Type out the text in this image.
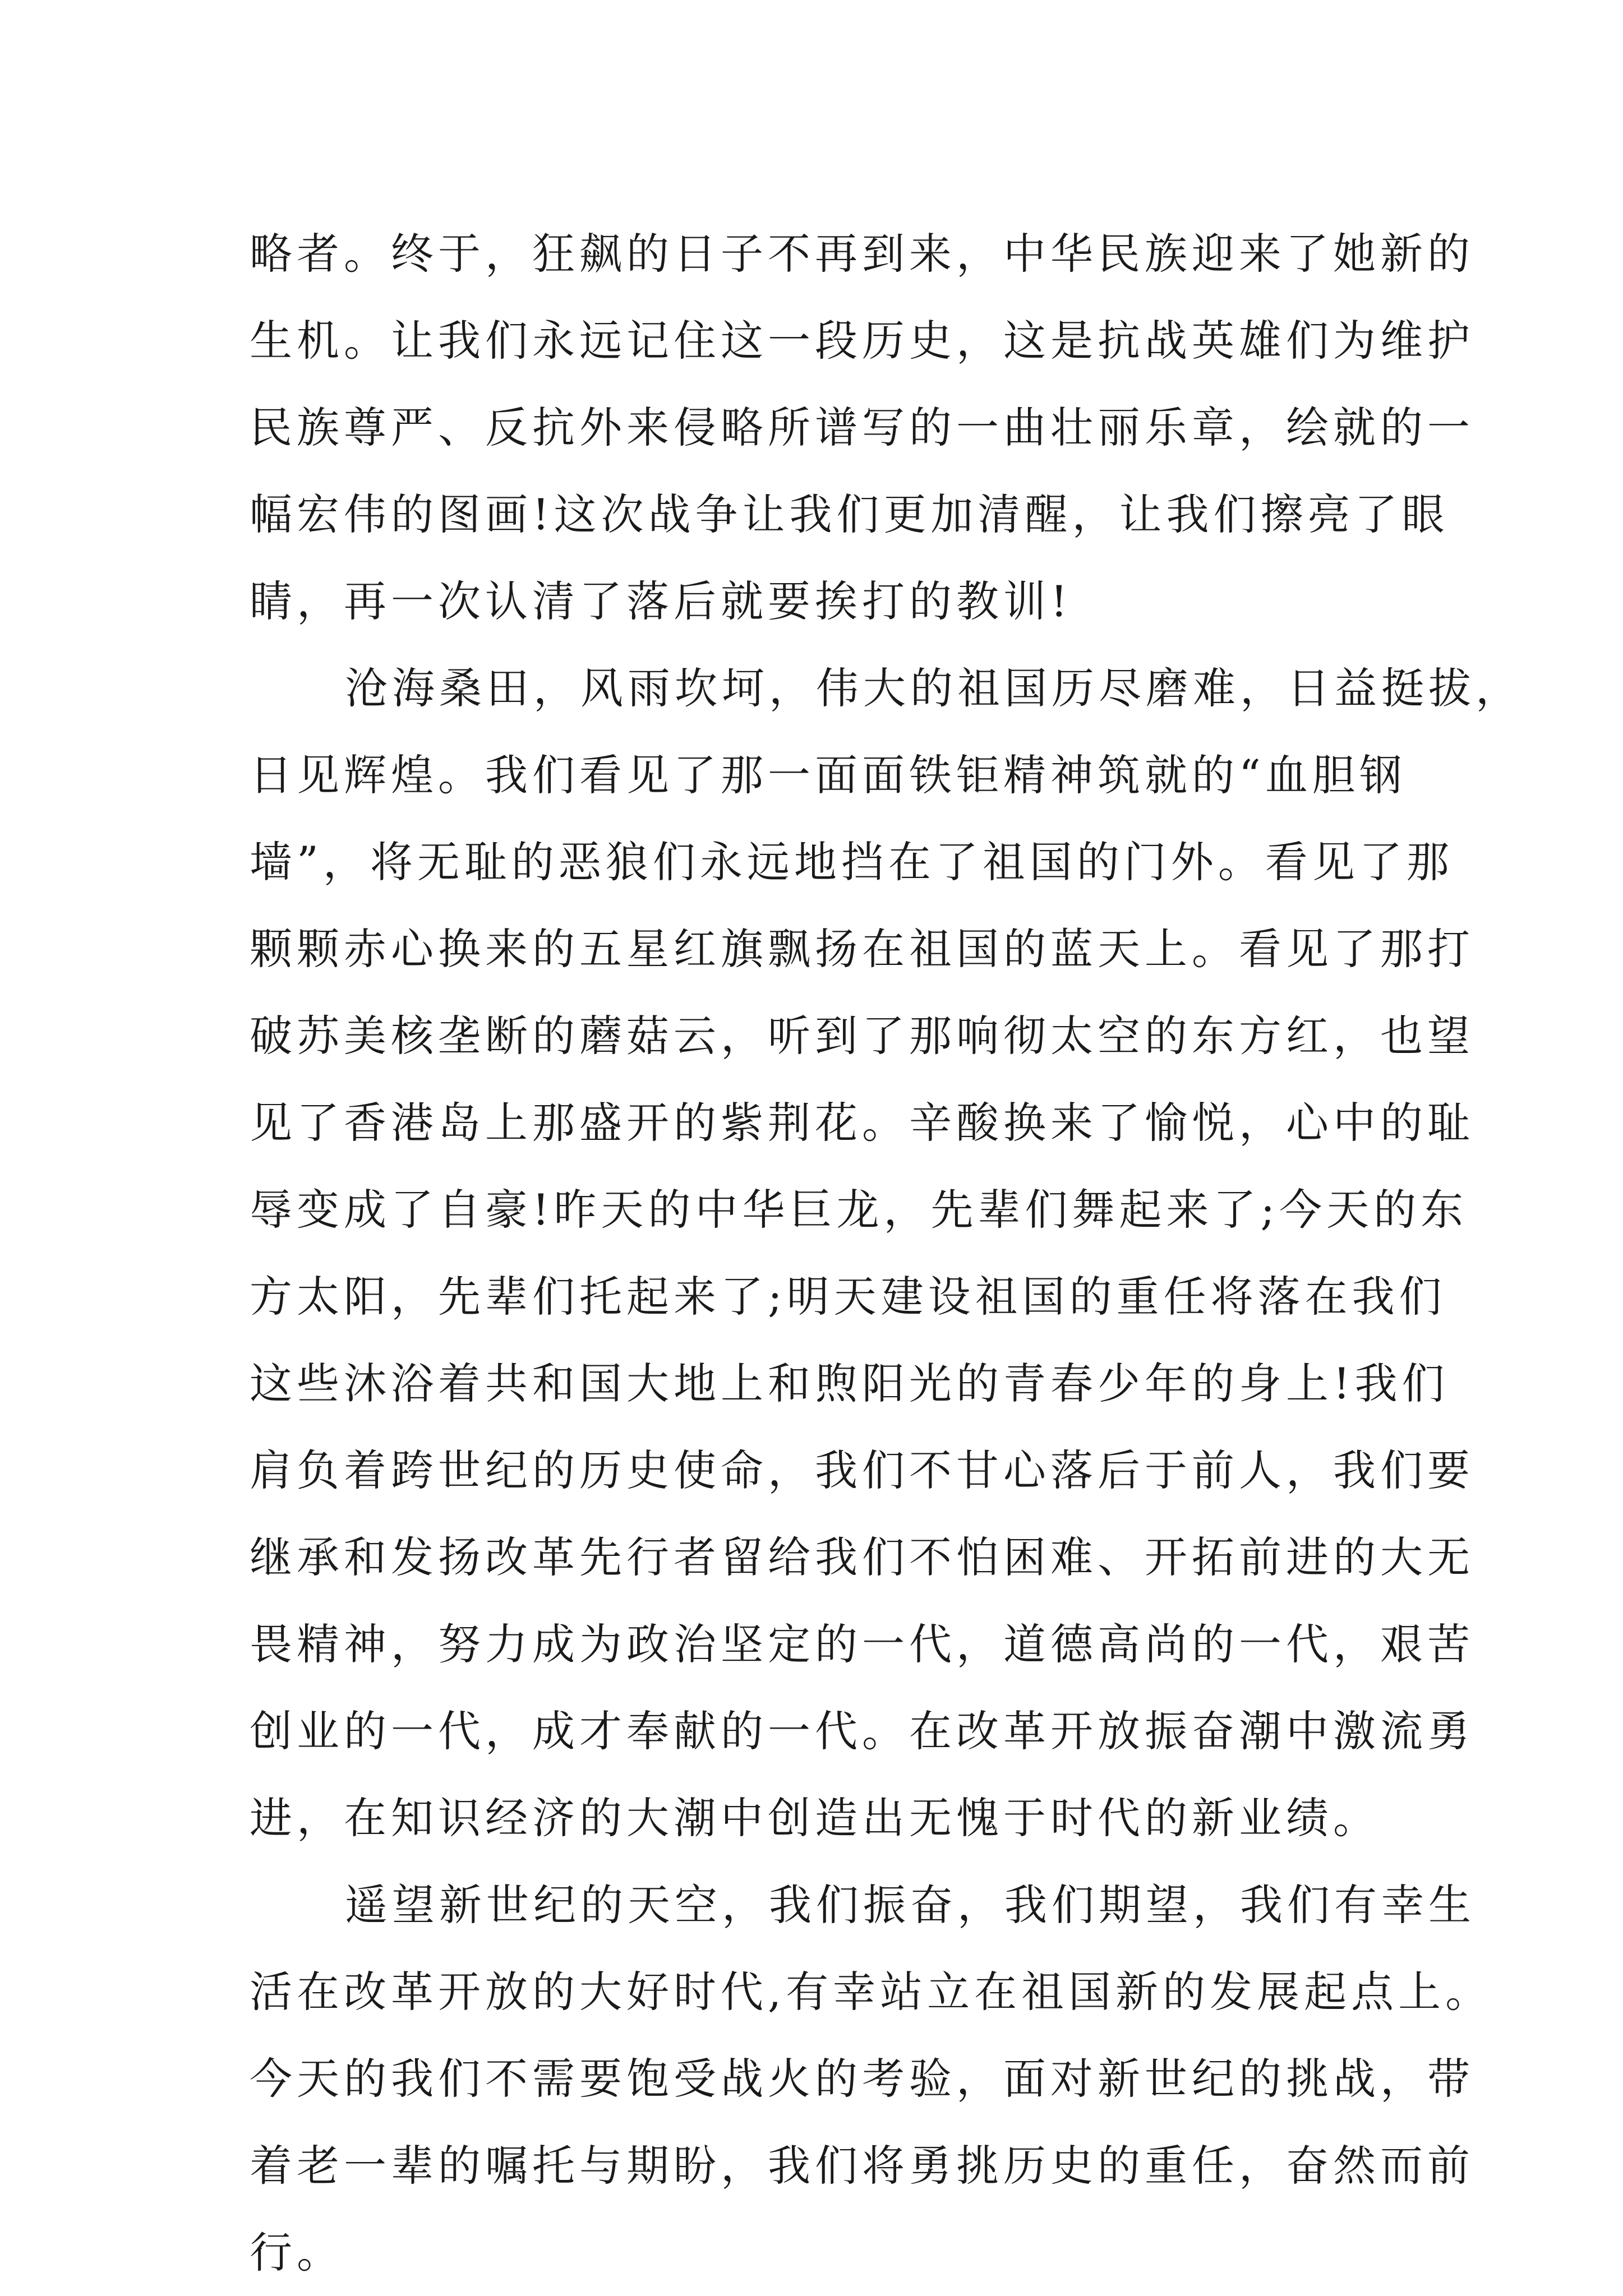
略者。终于，狂飙的日子不再到来，中华民族迎来了她新的
生机。让我们永远记住这一段历史，这是抗战英雄们为维护
民族尊严、反抗外来侵略所谱写的一曲壮丽乐章，绘就的一
幅宏伟的图画!这次战争让我们更加清醒，让我们擦亮了眼
睛，再一次认清了落后就要挨打的教训!
沧海桑田，风雨坎坷，伟大的祖国历尽磨难，日益挺拔，
日见辉煌。我们看见了那一面面铁钜精神筑就的“血胆钢
墙”，将无耻的恶狼们永远地挡在了祖国的门外。看见了那
颗颗赤心换来的五星红旗飘扬在祖国的蓝天上。看见了那打
破苏美核垄断的蘑菇云，听到了那响彻太空的东方红，也望
见了香港岛上那盛开的紫荆花。辛酸换来了愉悦，心中的耻
辱变成了自豪!昨天的中华巨龙，先辈们舞起来了;今天的东
方太阳，先辈们托起来了;明天建设祖国的重任将落在我们
这些沐浴着共和国大地上和煦阳光的青春少年的身上!我们
肩负着跨世纪的历史使命，我们不甘心落后于前人，我们要
继承和发扬改革先行者留给我们不怕困难、开拓前进的大无
畏精神，努力成为政治坚定的一代，道德高尚的一代，艰苦
创业的一代，成才奉献的一代。在改革开放振奋潮中激流勇
进，在知识经济的大潮中创造出无愧于时代的新业绩。
遥望新世纪的天空，我们振奋，我们期望，我们有幸生
活在改革开放的大好时代,有幸站立在祖国新的发展起点上。
今天的我们不需要饱受战火的考验，面对新世纪的挑战，带
着老一辈的嘱托与期盼，我们将勇挑历史的重任，奋然而前
行。
